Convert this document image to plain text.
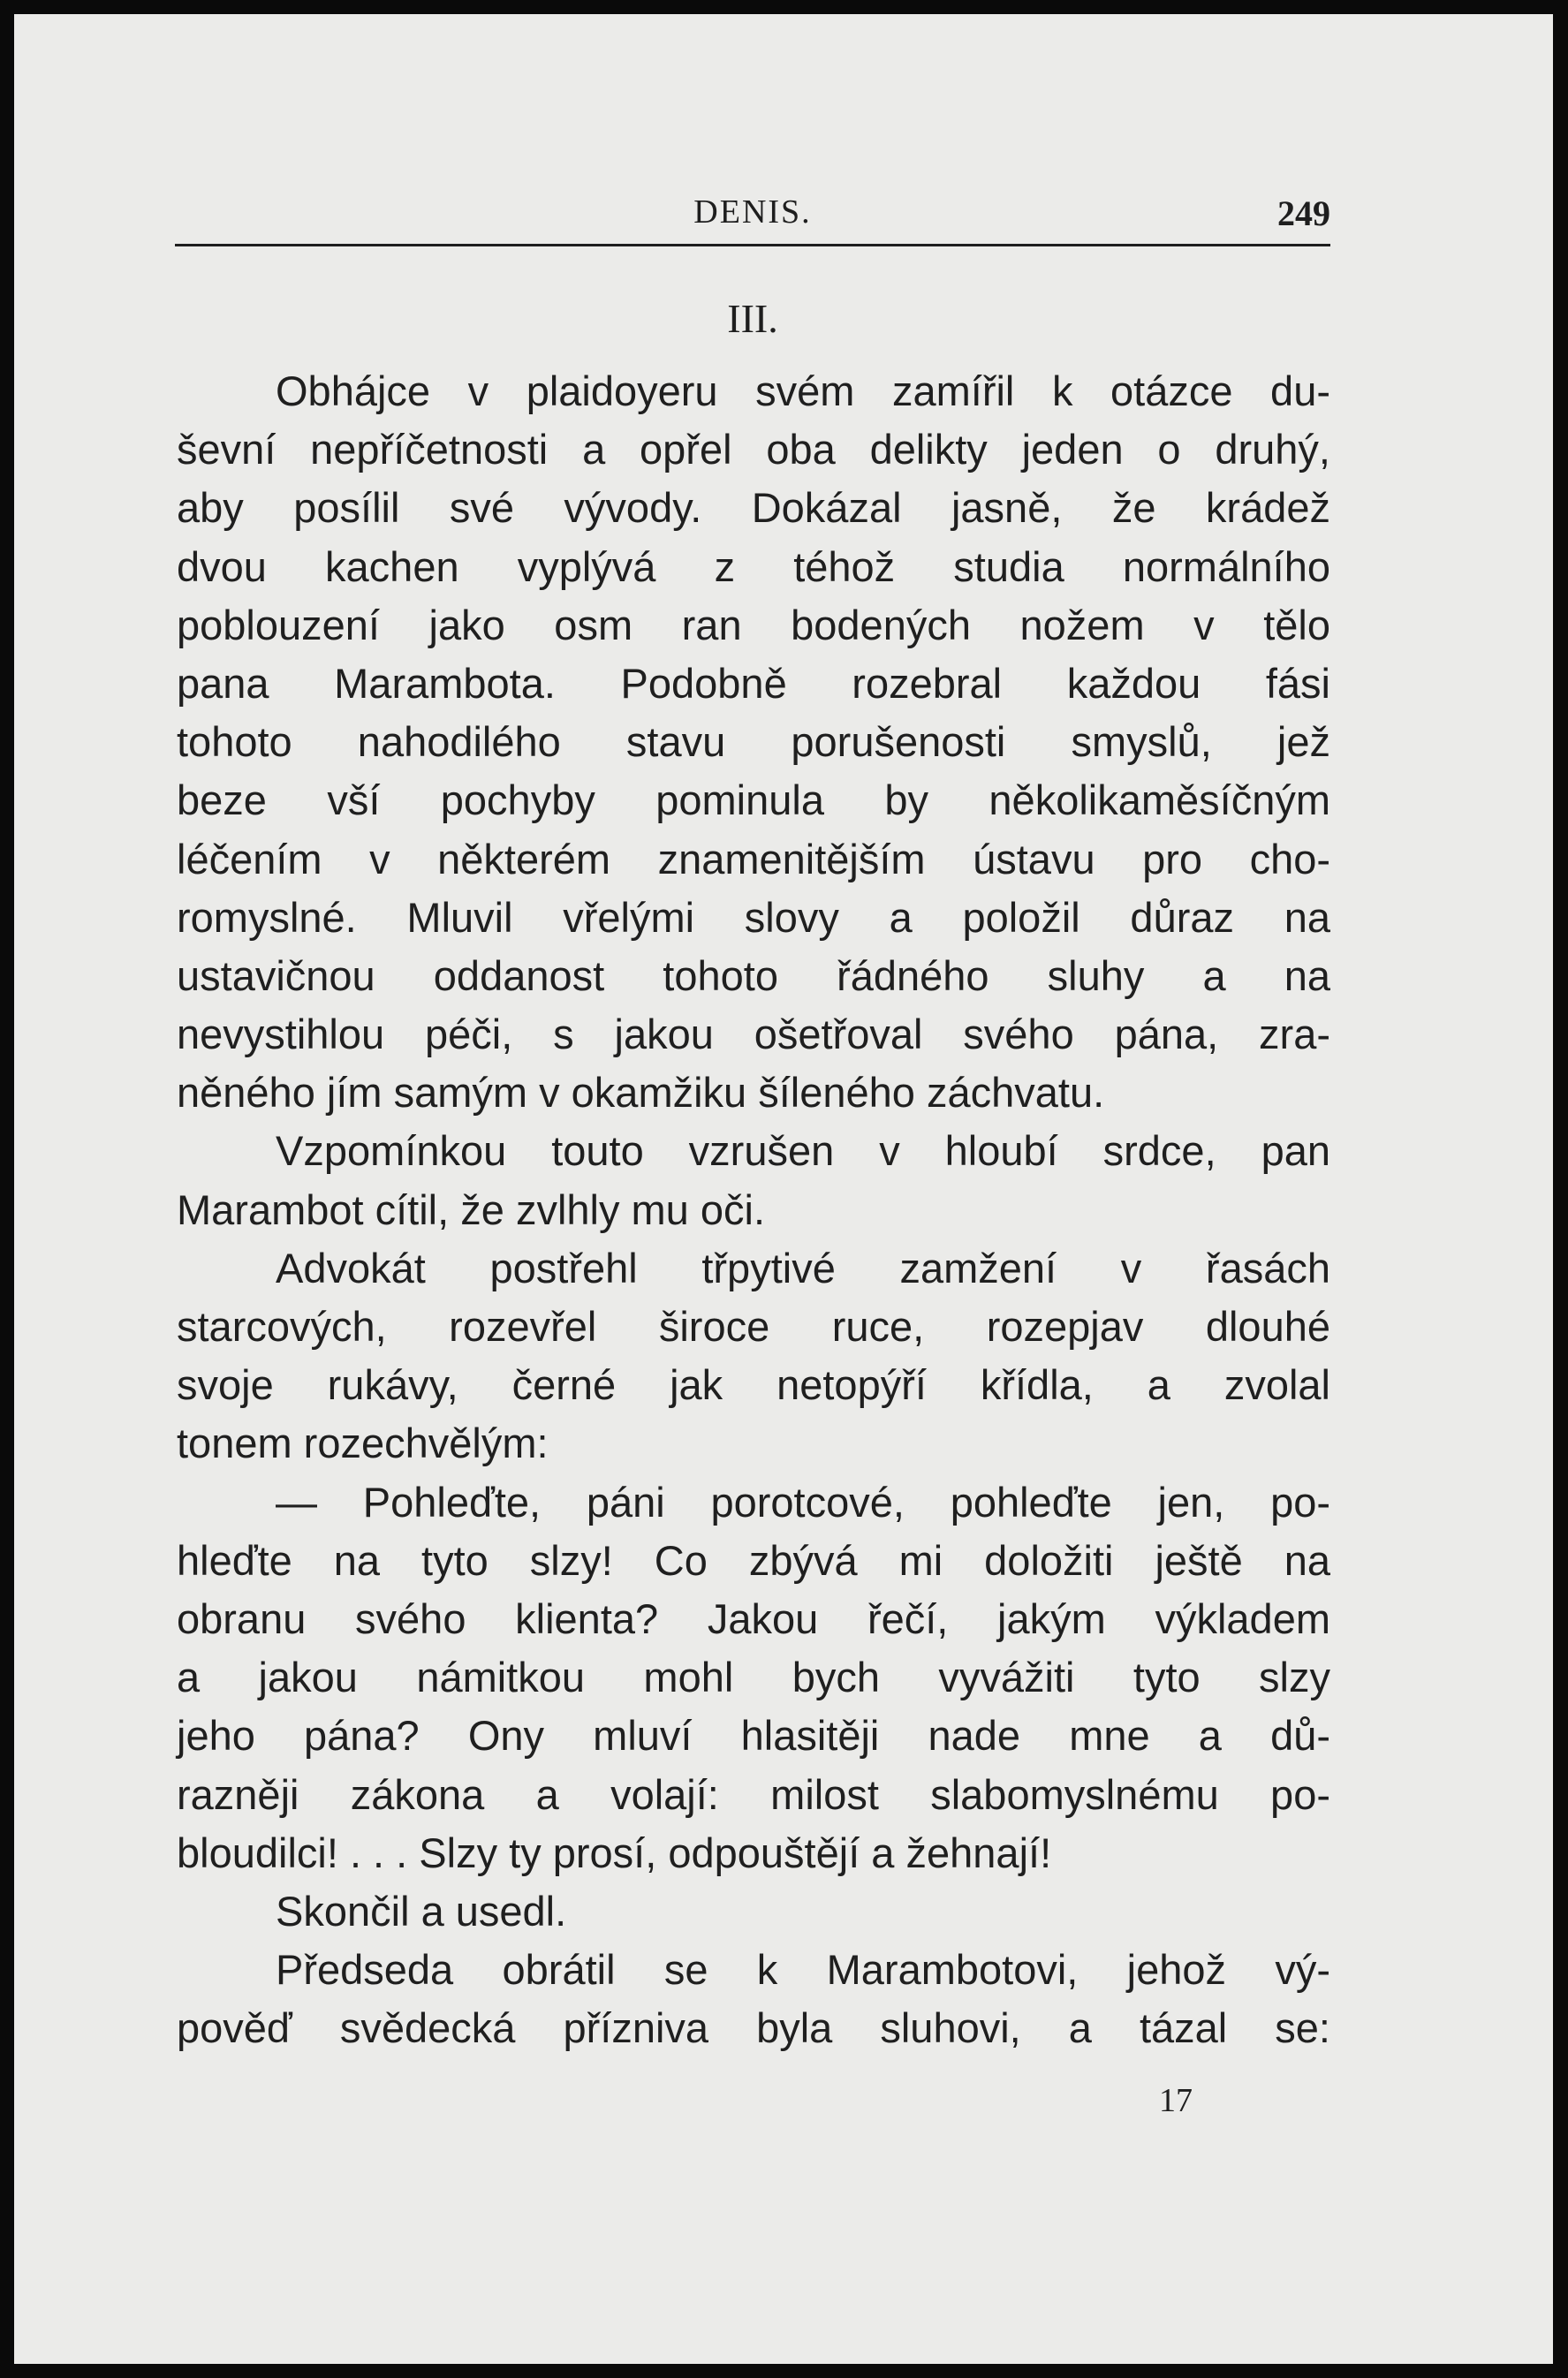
DENIS.	249
III.
Obhájce v plaidoyeru svém zamířil k otázce du-
ševní nepříčetnosti a opřel oba delikty jeden o druhý,
aby posílil své vývody. Dokázal jasně, že krádež
dvou kachen vyplývá z téhož studia normálního
poblouzení jako osm ran bodených nožem v tělo
pana Marambota. Podobně rozebral každou fási
tohoto nahodilého stavu porušenosti smyslů, jež
beze vší pochyby pominula by několikaměsíčným
léčením v některém znamenitějším ústavu pro cho-
romyslné. Mluvil vřelými slovy a položil důraz na
ustavičnou oddanost tohoto řádného sluhy a na
nevystihlou péči, s jakou ošetřoval svého pána, zra-
něného jím samým v okamžiku šíleného záchvatu.
Vzpomínkou touto vzrušen v hloubí srdce, pan
Marambot cítil, že zvlhly mu oči.
Advokát postřehl třpytivé zamžení v řasách
starcových, rozevřel široce ruce, rozepjav dlouhé
svoje rukávy, černé jak netopýří křídla, a zvolal
tonem rozechvělým:
— Pohleďte, páni porotcové, pohleďte jen, po-
hleďte na tyto slzy! Co zbývá mi doložiti ještě na
obranu svého klienta? Jakou řečí, jakým výkladem
a jakou námitkou mohl bych vyvážiti tyto slzy
jeho pána? Ony mluví hlasitěji nade mne a dů-
razněji zákona a volají: milost slabomyslnému po-
bloudilci! . . . Slzy ty prosí, odpouštějí a žehnají!
Skončil a usedl.
Předseda obrátil se k Marambotovi, jehož vý-
pověď svědecká přízniva byla sluhovi, a tázal se:
17
